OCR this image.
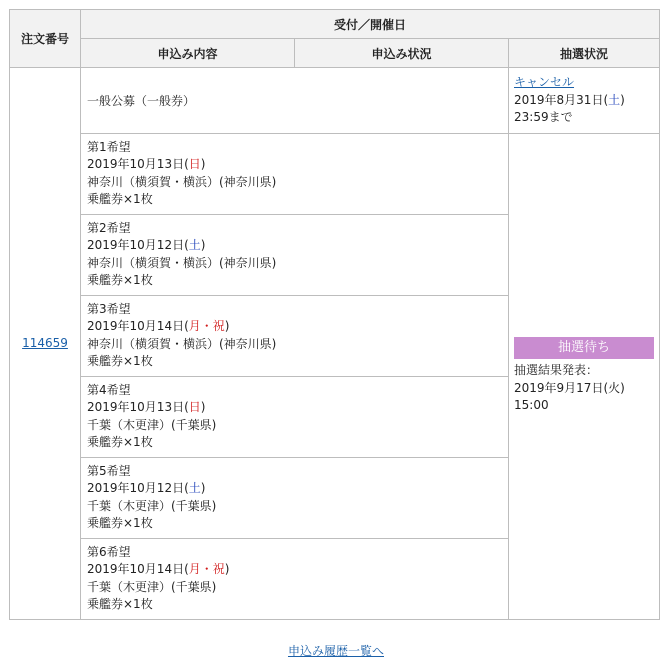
注文番号	受付／開催日		
	申込み内容	申込み状況	抽選状況
114659	一般公募（一般券）		キャンセル
2019年8月31日(土)
23:59まで
	第1希望
2019年10月13日(日)
神奈川（横須賀・横浜）(神奈川県)
乗艦券×1枚		抽選待ち
抽選結果発表：
2019年9月17日(火)
15:00
	第2希望
2019年10月12日(土)
神奈川（横須賀・横浜）(神奈川県)
乗艦券×1枚		
	第3希望
2019年10月14日(月・祝)
神奈川（横須賀・横浜）(神奈川県)
乗艦券×1枚		
	第4希望
2019年10月13日(日)
千葉（木更津）(千葉県)
乗艦券×1枚		
	第5希望
2019年10月12日(土)
千葉（木更津）(千葉県)
乗艦券×1枚		
	第6希望
2019年10月14日(月・祝)
千葉（木更津）(千葉県)
乗艦券×1枚		
申込み履歴一覧へ
